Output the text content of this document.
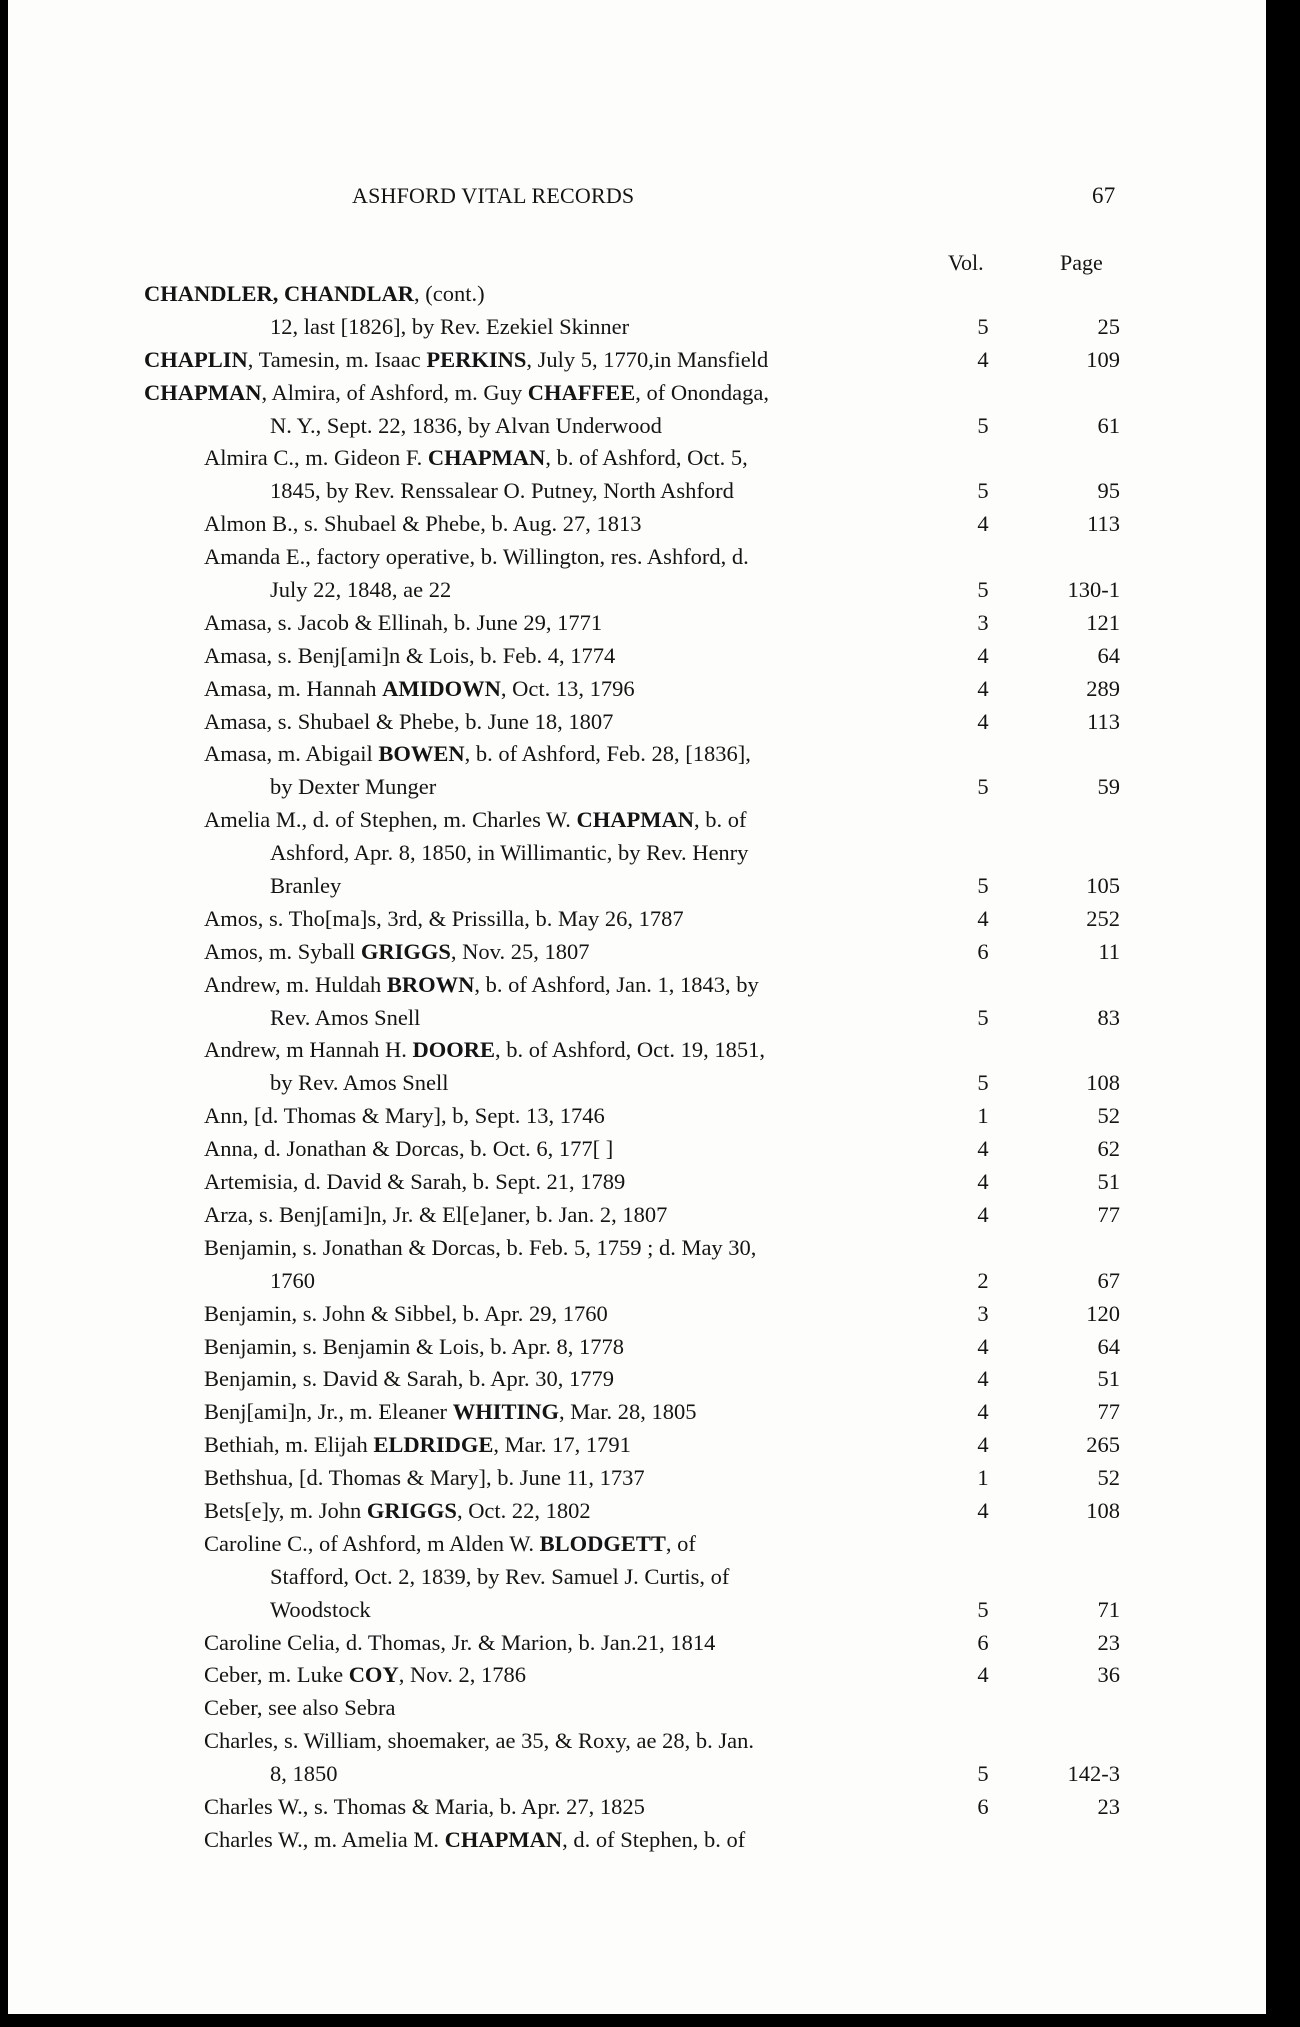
ASHFORD VITAL RECORDS	67
Vol.	Page
CHANDLER, CHANDLAR, (cont.)
12, last [1826], by Rev. Ezekiel Skinner	5	25
CHAPLIN, Tamesin, m. Isaac PERKINS, July 5, 1770,in Mansfield	4	109
CHAPMAN, Almira, of Ashford, m. Guy CHAFFEE, of Onondaga,
N. Y., Sept. 22, 1836, by Alvan Underwood	5	61
Almira C., m. Gideon F. CHAPMAN, b. of Ashford, Oct. 5,
1845, by Rev. Renssalear O. Putney, North Ashford	5	95
Almon B., s. Shubael & Phebe, b. Aug. 27, 1813	4	113
Amanda E., factory operative, b. Willington, res. Ashford, d.
July 22, 1848, ae 22	5	130-1
Amasa, s. Jacob & Ellinah, b. June 29, 1771	3	121
Amasa, s. Benj[ami]n & Lois, b. Feb. 4, 1774	4	64
Amasa, m. Hannah AMIDOWN, Oct. 13, 1796	4	289
Amasa, s. Shubael & Phebe, b. June 18, 1807	4	113
Amasa, m. Abigail BOWEN, b. of Ashford, Feb. 28, [1836],
by Dexter Munger	5	59
Amelia M., d. of Stephen, m. Charles W. CHAPMAN, b. of
Ashford, Apr. 8, 1850, in Willimantic, by Rev. Henry
Branley	5	105
Amos, s. Tho[ma]s, 3rd, & Prissilla, b. May 26, 1787	4	252
Amos, m. Syball GRIGGS, Nov. 25, 1807	6	11
Andrew, m. Huldah BROWN, b. of Ashford, Jan. 1, 1843, by
Rev. Amos Snell	5	83
Andrew, m Hannah H. DOORE, b. of Ashford, Oct. 19, 1851,
by Rev. Amos Snell	5	108
Ann, [d. Thomas & Mary], b, Sept. 13, 1746	1	52
Anna, d. Jonathan & Dorcas, b. Oct. 6, 177[ ]	4	62
Artemisia, d. David & Sarah, b. Sept. 21, 1789	4	51
Arza, s. Benj[ami]n, Jr. & El[e]aner, b. Jan. 2, 1807	4	77
Benjamin, s. Jonathan & Dorcas, b. Feb. 5, 1759 ; d. May 30,
1760	2	67
Benjamin, s. John & Sibbel, b. Apr. 29, 1760	3	120
Benjamin, s. Benjamin & Lois, b. Apr. 8, 1778	4	64
Benjamin, s. David & Sarah, b. Apr. 30, 1779	4	51
Benj[ami]n, Jr., m. Eleaner WHITING, Mar. 28, 1805	4	77
Bethiah, m. Elijah ELDRIDGE, Mar. 17, 1791	4	265
Bethshua, [d. Thomas & Mary], b. June 11, 1737	1	52
Bets[e]y, m. John GRIGGS, Oct. 22, 1802	4	108
Caroline C., of Ashford, m Alden W. BLODGETT, of
Stafford, Oct. 2, 1839, by Rev. Samuel J. Curtis, of
Woodstock	5	71
Caroline Celia, d. Thomas, Jr. & Marion, b. Jan.21, 1814	6	23
Ceber, m. Luke COY, Nov. 2, 1786	4	36
Ceber, see also Sebra
Charles, s. William, shoemaker, ae 35, & Roxy, ae 28, b. Jan.
8, 1850	5	142-3
Charles W., s. Thomas & Maria, b. Apr. 27, 1825	6	23
Charles W., m. Amelia M. CHAPMAN, d. of Stephen, b. of
